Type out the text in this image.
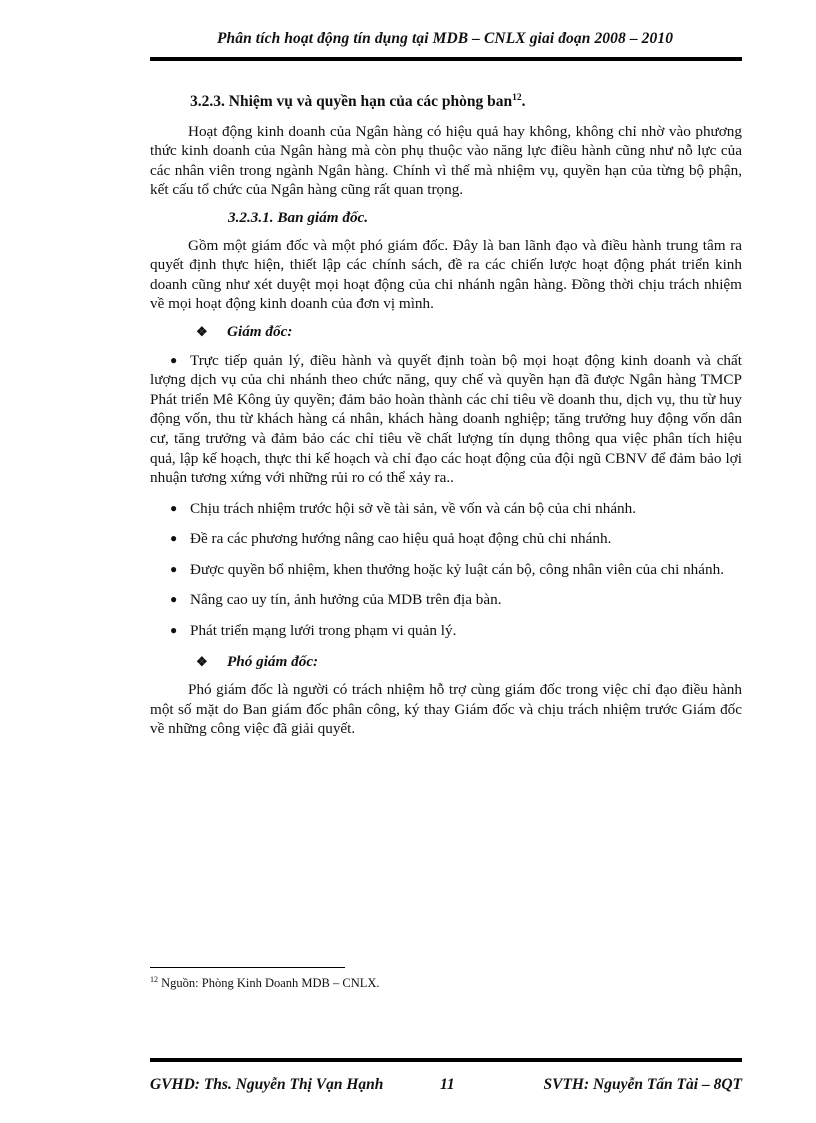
Phân tích hoạt động tín dụng tại MDB – CNLX giai đoạn 2008 – 2010
3.2.3. Nhiệm vụ và quyền hạn của các phòng ban$^{12}$.

Hoạt động kinh doanh của Ngân hàng có hiệu quả hay không, không chỉ nhờ vào phương thức kinh doanh của Ngân hàng mà còn phụ thuộc vào năng lực điều hành cũng như nỗ lực của các nhân viên trong ngành Ngân hàng. Chính vì thế mà nhiệm vụ, quyền hạn của từng bộ phận, kết cấu tổ chức của Ngân hàng cũng rất quan trọng.

3.2.3.1. Ban giám đốc.

Gồm một giám đốc và một phó giám đốc. Đây là ban lãnh đạo và điều hành trung tâm ra quyết định thực hiện, thiết lập các chính sách, đề ra các chiến lược hoạt động phát triển kinh doanh cũng như xét duyệt mọi hoạt động của chi nhánh ngân hàng. Đồng thời chịu trách nhiệm về mọi hoạt động kinh doanh của đơn vị mình.

❖ Giám đốc:
● Trực tiếp quản lý, điều hành và quyết định toàn bộ mọi hoạt động kinh doanh và chất lượng dịch vụ của chi nhánh theo chức năng, quy chế và quyền hạn đã được Ngân hàng TMCP Phát triển Mê Kông ủy quyền; đảm bảo hoàn thành các chỉ tiêu về doanh thu, dịch vụ, thu từ huy động vốn, thu từ khách hàng cá nhân, khách hàng doanh nghiệp; tăng trưởng huy động vốn dân cư, tăng trưởng và đảm bảo các chỉ tiêu về chất lượng tín dụng thông qua việc phân tích hiệu quả, lập kế hoạch, thực thi kế hoạch và chỉ đạo các hoạt động của đội ngũ CBNV để đảm bảo lợi nhuận tương xứng với những rủi ro có thể xảy ra..
● Chịu trách nhiệm trước hội sở về tài sản, về vốn và cán bộ của chi nhánh.
● Đề ra các phương hướng nâng cao hiệu quả hoạt động chủ chi nhánh.
● Được quyền bổ nhiệm, khen thưởng hoặc kỷ luật cán bộ, công nhân viên của chi nhánh.
● Nâng cao uy tín, ảnh hưởng của MDB trên địa bàn.
● Phát triển mạng lưới trong phạm vi quản lý.
❖ Phó giám đốc:

Phó giám đốc là người có trách nhiệm hỗ trợ cùng giám đốc trong việc chỉ đạo điều hành một số mặt do Ban giám đốc phân công, ký thay Giám đốc và chịu trách nhiệm trước Giám đốc về những công việc đã giải quyết.

$^{12}$ Nguồn: Phòng Kinh Doanh MDB – CNLX.
GVHD: Ths. Nguyễn Thị Vạn Hạnh	11	SVTH: Nguyễn Tấn Tài – 8QT
